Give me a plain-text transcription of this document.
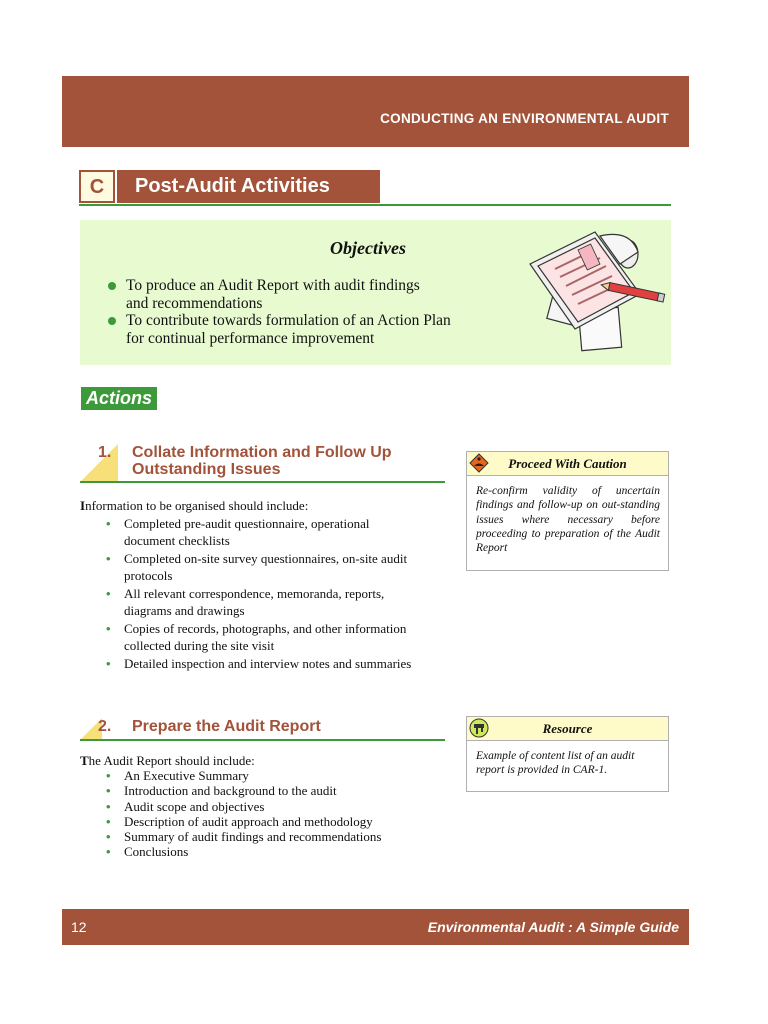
CONDUCTING AN ENVIRONMENTAL AUDIT
C	Post-Audit Activities
Objectives
To produce an Audit Report with audit findings
and recommendations
To contribute towards formulation of an Action Plan
for continual performance improvement
Actions
1. Collate Information and Follow Up
Outstanding Issues
Information to be organised should include:
• Completed pre-audit questionnaire, operational
document checklists
• Completed on-site survey questionnaires, on-site audit
protocols
• All relevant correspondence, memoranda, reports,
diagrams and drawings
• Copies of records, photographs, and other information
collected during the site visit
• Detailed inspection and interview notes and summaries
Proceed With Caution
Re-confirm validity of uncertain findings and follow-up on out-standing issues where necessary before proceeding to preparation of the Audit Report
2. Prepare the Audit Report
The Audit Report should include:
• An Executive Summary
• Introduction and background to the audit
• Audit scope and objectives
• Description of audit approach and methodology
• Summary of audit findings and recommendations
• Conclusions
Resource
Example of content list of an audit report is provided in CAR-1.
12	Environmental Audit : A Simple Guide
